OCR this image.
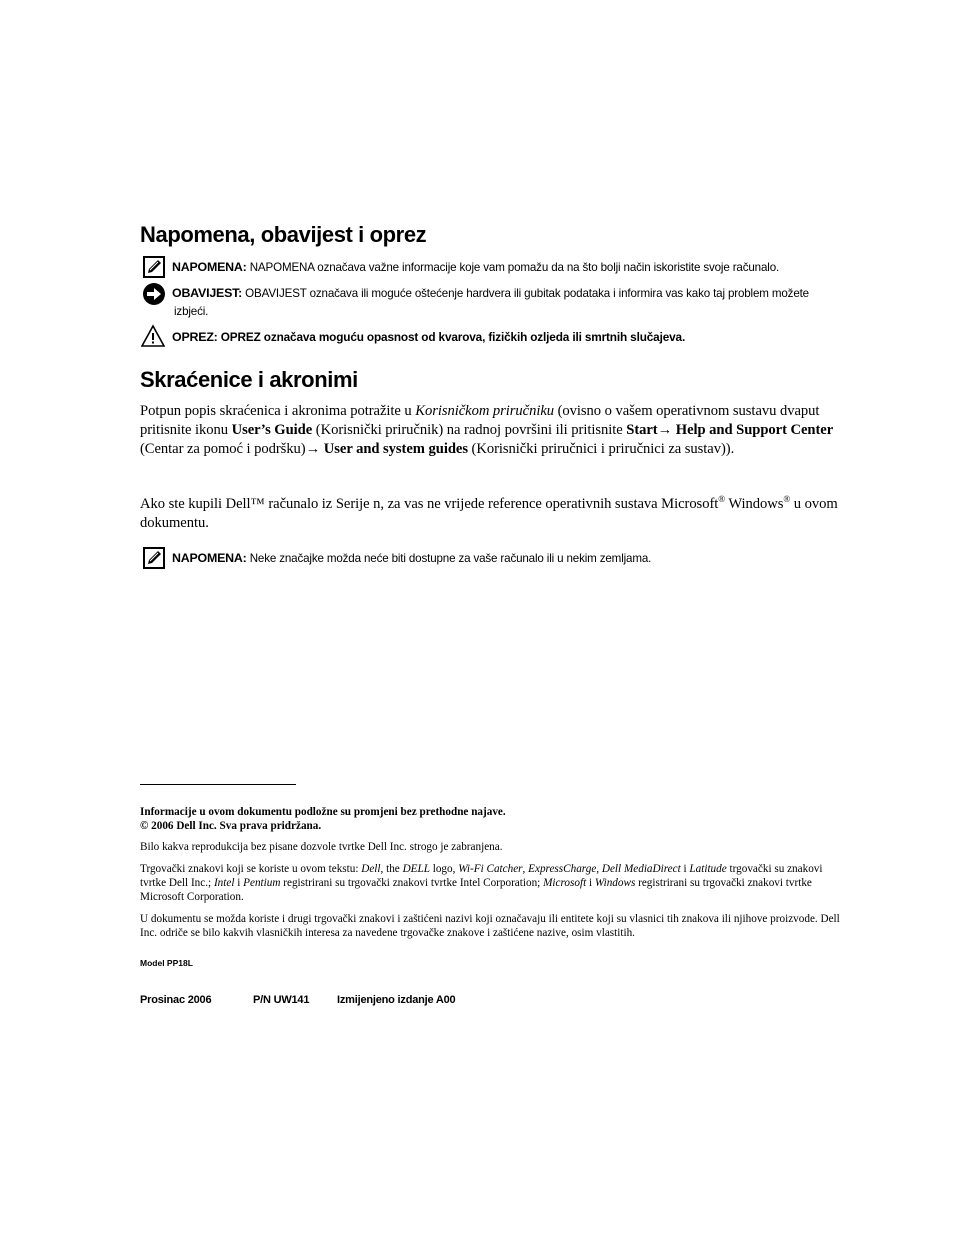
Napomena, obavijest i oprez
NAPOMENA: NAPOMENA označava važne informacije koje vam pomažu da na što bolji način iskoristite svoje računalo.
OBAVIJEST: OBAVIJEST označava ili moguće oštećenje hardvera ili gubitak podataka i informira vas kako taj problem možete
izbjeći.
OPREZ: OPREZ označava moguću opasnost od kvarova, fizičkih ozljeda ili smrtnih slučajeva.
Skraćenice i akronimi
Potpun popis skraćenica i akronima potražite u Korisničkom priručniku (ovisno o vašem operativnom sustavu dvaput pritisnite ikonu User’s Guide (Korisnički priručnik) na radnoj površini ili pritisnite Start→ Help and Support Center (Centar za pomoć i podršku)→ User and system guides (Korisnički priručnici i priručnici za sustav)).
Ako ste kupili Dell™ računalo iz Serije n, za vas ne vrijede reference operativnih sustava Microsoft® Windows® u ovom dokumentu.
NAPOMENA: Neke značajke možda neće biti dostupne za vaše računalo ili u nekim zemljama.
Informacije u ovom dokumentu podložne su promjeni bez prethodne najave.
© 2006 Dell Inc. Sva prava pridržana.
Bilo kakva reprodukcija bez pisane dozvole tvrtke Dell Inc. strogo je zabranjena.
Trgovački znakovi koji se koriste u ovom tekstu: Dell, the DELL logo, Wi-Fi Catcher, ExpressCharge, Dell MediaDirect i Latitude trgovački su znakovi tvrtke Dell Inc.; Intel i Pentium registrirani su trgovački znakovi tvrtke Intel Corporation; Microsoft i Windows registrirani su trgovački znakovi tvrtke Microsoft Corporation.
U dokumentu se možda koriste i drugi trgovački znakovi i zaštićeni nazivi koji označavaju ili entitete koji su vlasnici tih znakova ili njihove proizvode. Dell Inc. odriče se bilo kakvih vlasničkih interesa za navedene trgovačke znakove i zaštićene nazive, osim vlastitih.
Model PP18L
Prosinac 2006	P/N UW141	Izmijenjeno izdanje A00
